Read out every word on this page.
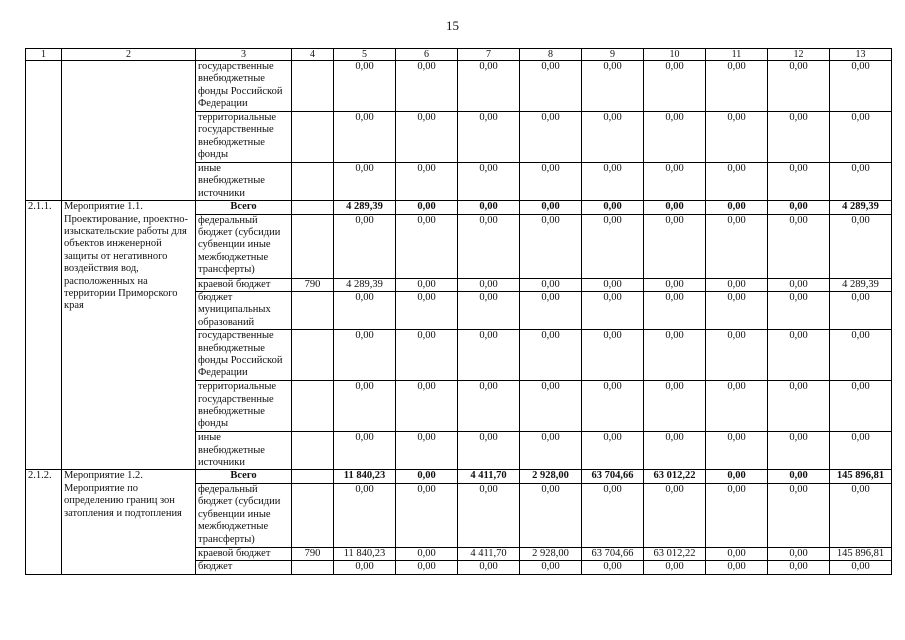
15
1	2	3	4	5	6	7	8	9	10	11	12	13
		государственные внебюджетные фонды Российской Федерации		0,00	0,00	0,00	0,00	0,00	0,00	0,00	0,00	0,00
		территориальные государственные внебюджетные фонды		0,00	0,00	0,00	0,00	0,00	0,00	0,00	0,00	0,00
		иные внебюджетные источники		0,00	0,00	0,00	0,00	0,00	0,00	0,00	0,00	0,00
2.1.1.	Мероприятие 1.1. Проектирование, проектно-изыскательские работы для объектов инженерной защиты от негативного воздействия вод, расположенных на территории Приморского края	Всего		4 289,39	0,00	0,00	0,00	0,00	0,00	0,00	0,00	4 289,39
		федеральный бюджет (субсидии субвенции иные межбюджетные трансферты)		0,00	0,00	0,00	0,00	0,00	0,00	0,00	0,00	0,00
		краевой бюджет	790	4 289,39	0,00	0,00	0,00	0,00	0,00	0,00	0,00	4 289,39
		бюджет муниципальных образований		0,00	0,00	0,00	0,00	0,00	0,00	0,00	0,00	0,00
		государственные внебюджетные фонды Российской Федерации		0,00	0,00	0,00	0,00	0,00	0,00	0,00	0,00	0,00
		территориальные государственные внебюджетные фонды		0,00	0,00	0,00	0,00	0,00	0,00	0,00	0,00	0,00
		иные внебюджетные источники		0,00	0,00	0,00	0,00	0,00	0,00	0,00	0,00	0,00
2.1.2.	Мероприятие 1.2. Мероприятие по определению границ зон затопления и подтопления	Всего		11 840,23	0,00	4 411,70	2 928,00	63 704,66	63 012,22	0,00	0,00	145 896,81
		федеральный бюджет (субсидии субвенции иные межбюджетные трансферты)		0,00	0,00	0,00	0,00	0,00	0,00	0,00	0,00	0,00
		краевой бюджет	790	11 840,23	0,00	4 411,70	2 928,00	63 704,66	63 012,22	0,00	0,00	145 896,81
		бюджет		0,00	0,00	0,00	0,00	0,00	0,00	0,00	0,00	0,00
